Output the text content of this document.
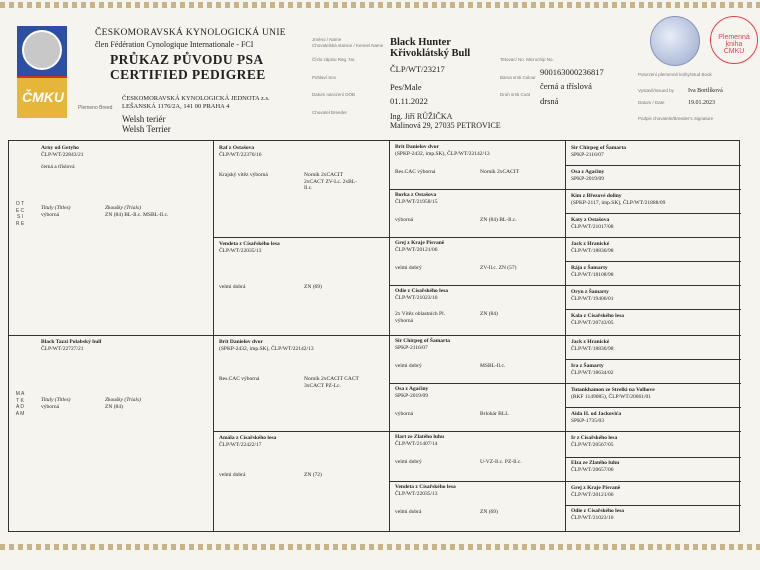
ČMKU
ČESKOMORAVSKÁ KYNOLOGICKÁ UNIE
člen Fédération Cynologique Internationale - FCI
PRŮKAZ PŮVODU PSA
CERTIFIED PEDIGREE
ČESKOMORAVSKÁ KYNOLOGICKÁ JEDNOTA z.s.
LEŠANSKÁ 1176/2A, 141 00 PRAHA 4
Plemeno Breed
Welsh teriér
Welsh Terrier
Jméno / Name
Chovatelská stanice / Kennel Name
Číslo zápisu Reg. No.
Pohlaví Sex
Datum narození DOB
Chovatel Breeder
Tetovací No. Microchip No.
Barva srsti Colour
Druh srsti Coat
Potvrzení plemenné knihy/Stud Book
Vystavil/Issued by
Datum / Date
Podpis chovatele/Breeder's Signature
Black Hunter
Křivoklátský Bull
ČLP/WT/23217
Pes/Male
01.11.2022
Ing. Jiří RŮŽIČKA
Malinová 29, 27035 PETROVICE
900163000236817
černá a tříslová
drsná
Iva Bortlíková
19.01.2023
Plemenná kniha ČMKU
O T E C S I R E
M A T K A D A M
Arny od Getyho
ČLP/WT/22843/21
černá a tříslová
Tituly (Titles)
výborná
Zkoušky (Trials)
ZN (84) BL-Il.c. MSBL-Il.c.
Black Tazzi Polabský bull
ČLP/WT/22727/21
Tituly (Titles)
výborná
Zkoušky (Trials)
ZN (84)
Raf z Ostašova
ČLP/WT/22376/16
Krajský vítěz výborná	Norník 2xCACIT 2xCACT ZV-Lc. 2xBL-Il.c.
Vendeta z Císařského lesa
ČLP/WT/22035/13
velmi dobrá	ZN (69)
Brit Danielov dvor
(SPKP-2432, imp.SK), ČLP/WT/22142/13
Res.CAC výborná	Norník 2xCACIT CACT 3xCACT PZ-Lc.
Amála z Císařského lesa
ČLP/WT/22422/17
velmi dobrá	ZN (72)
Brit Danielov dvor
(SPKP-2432, imp.SK), ČLP/WT/22142/13
Res.CAC výborná	Norník 2xCACIT
Borka z Ostašova
ČLP/WT/21958/15
výborná	ZN (84) BL-Il.c.
Grej z Kraje Písvaně
ČLP/WT/20121/06
velmi dobrý	ZV-Il.c. ZN (57)
Odie z Císařského lesa
ČLP/WT/21023/10
2x Vítěz oblastních Pl. výborná
ZN (84)
Sir Chirpeg of Šamarta
SPKP-2116/07
velmi dobrý	MSBL-Il.c.
Osa z Agačiny
SPKP-2019/09
výborná	Brlohár BLL
Hart ze Zlatého luhu
ČLP/WT/21407/14
velmi dobrý	U-VZ-Il.c. PZ-Il.c.
Vendeta z Císařského lesa
ČLP/WT/22035/13
velmi dobrá	ZN (69)
Sir Chirpeg of Šamarta
SPKP-2116/07
Osa z Agačiny
SPKP-2019/09
Kim z Březové doliny
(SPKP-2117, imp.SK), ČLP/WT/21888/09
Katy z Ostašova
ČLP/WT/21017/08
Jack z Hranické
ČLP/WT/18836/98
Rája z Šamarty
ČLP/WT/18108/98
Oryn z Šamarty
ČLP/WT/19406/01
Kala z Císařského lesa
ČLP/WT/20743/05
Jack z Hranické
ČLP/WT/18836/98
Ira z Šamarty
ČLP/WT/18634/02
Tutankhamon ze Strelki na Volhove
(RKF 1149085), ČLP/WT/20061/01
Aida II. od Jackovića
SPKP-1735/03
Ir z Císařského lesa
ČLP/WT/20567/05
Elza ze Zlatého luhu
ČLP/WT/20657/06
Grej z Kraje Písvaně
ČLP/WT/20121/06
Odie z Císařského lesa
ČLP/WT/21023/10
